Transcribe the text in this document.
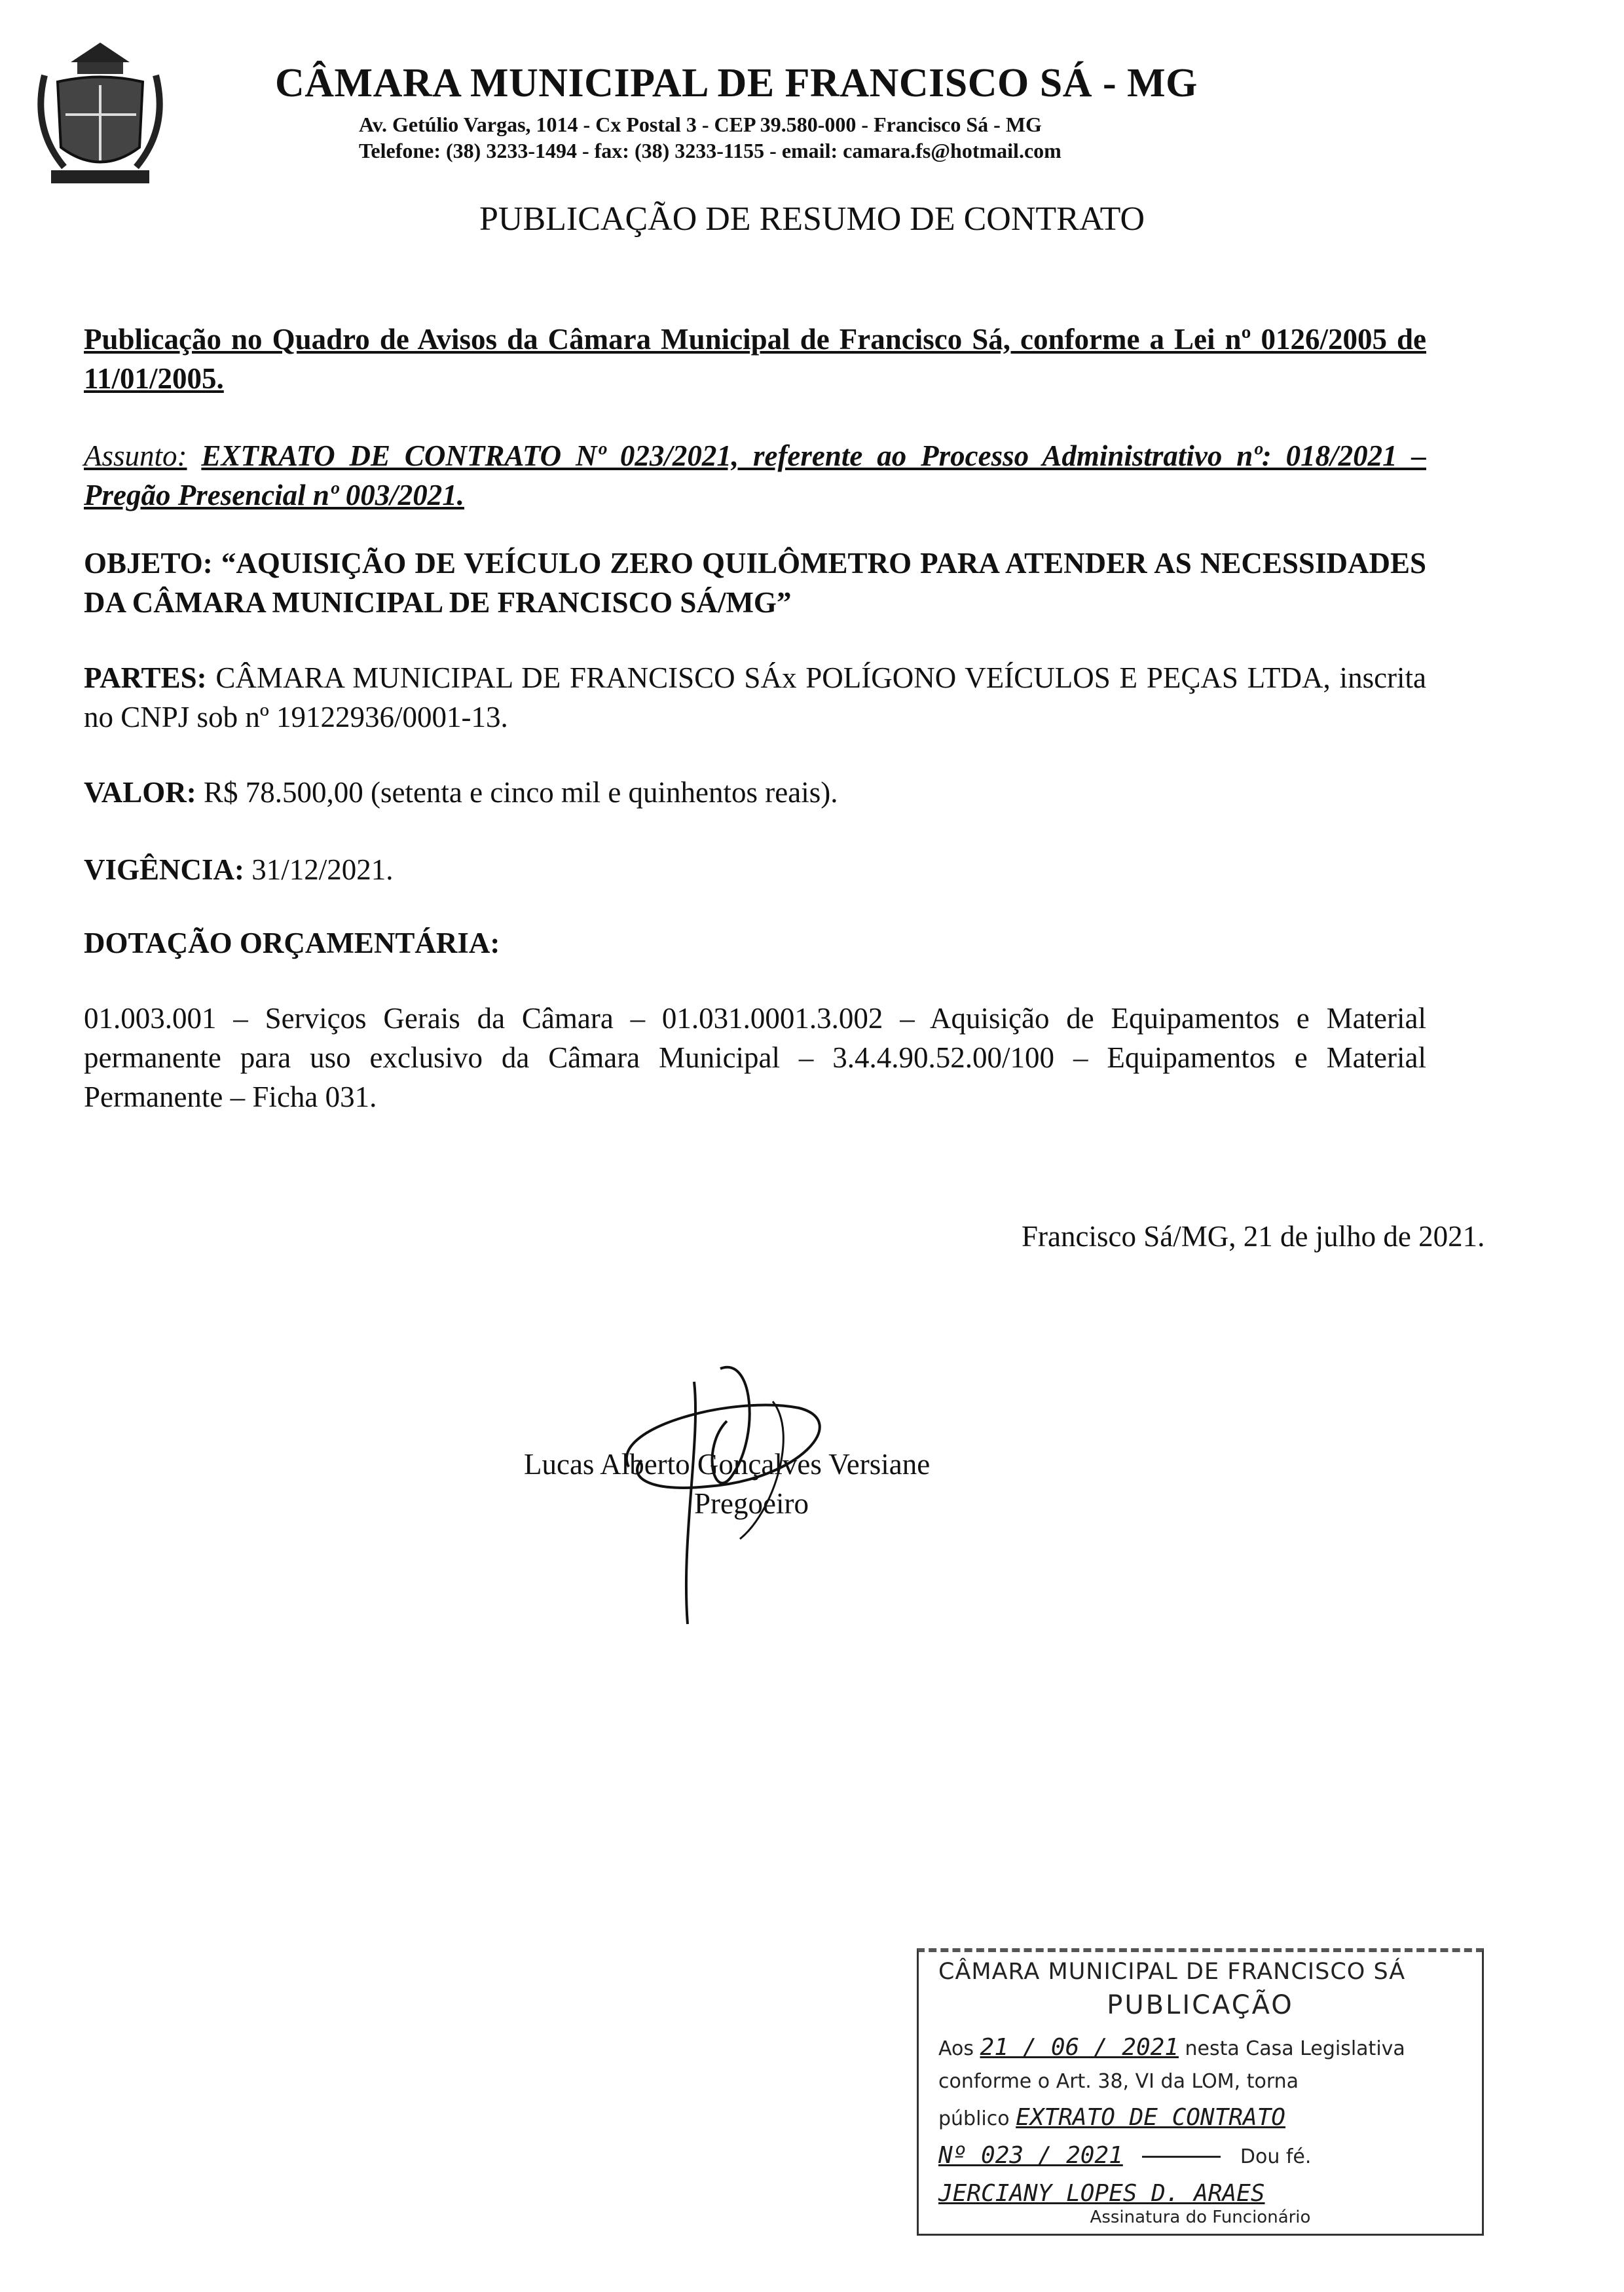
CÂMARA MUNICIPAL DE FRANCISCO SÁ - MG
Av. Getúlio Vargas, 1014 - Cx Postal 3 - CEP 39.580-000 - Francisco Sá - MG
Telefone: (38) 3233-1494 - fax: (38) 3233-1155 - email: camara.fs@hotmail.com
PUBLICAÇÃO DE RESUMO DE CONTRATO
Publicação no Quadro de Avisos da Câmara Municipal de Francisco Sá, conforme a Lei nº 0126/2005 de 11/01/2005.
Assunto: EXTRATO DE CONTRATO Nº 023/2021, referente ao Processo Administrativo nº: 018/2021 – Pregão Presencial nº 003/2021.
OBJETO: “AQUISIÇÃO DE VEÍCULO ZERO QUILÔMETRO PARA ATENDER AS NECESSIDADES DA CÂMARA MUNICIPAL DE FRANCISCO SÁ/MG”
PARTES: CÂMARA MUNICIPAL DE FRANCISCO SÁx POLÍGONO VEÍCULOS E PEÇAS LTDA, inscrita no CNPJ sob nº 19122936/0001-13.
VALOR: R$ 78.500,00 (setenta e cinco mil e quinhentos reais).
VIGÊNCIA: 31/12/2021.
DOTAÇÃO ORÇAMENTÁRIA:
01.003.001 – Serviços Gerais da Câmara – 01.031.0001.3.002 – Aquisição de Equipamentos e Material permanente para uso exclusivo da Câmara Municipal – 3.4.4.90.52.00/100 – Equipamentos e Material Permanente – Ficha 031.
Francisco Sá/MG, 21 de julho de 2021.
Lucas Alberto Gonçalves Versiane
Pregoeiro
CÂMARA MUNICIPAL DE FRANCISCO SÁ
PUBLICAÇÃO
Aos 21 / 06 / 2021 nesta Casa Legislativa
conforme o Art. 38, VI da LOM, torna
público EXTRATO DE CONTRATO
Nº 023 / 2021	Dou fé.
JERCIANY LOPES D. ARAES
Assinatura do Funcionário
